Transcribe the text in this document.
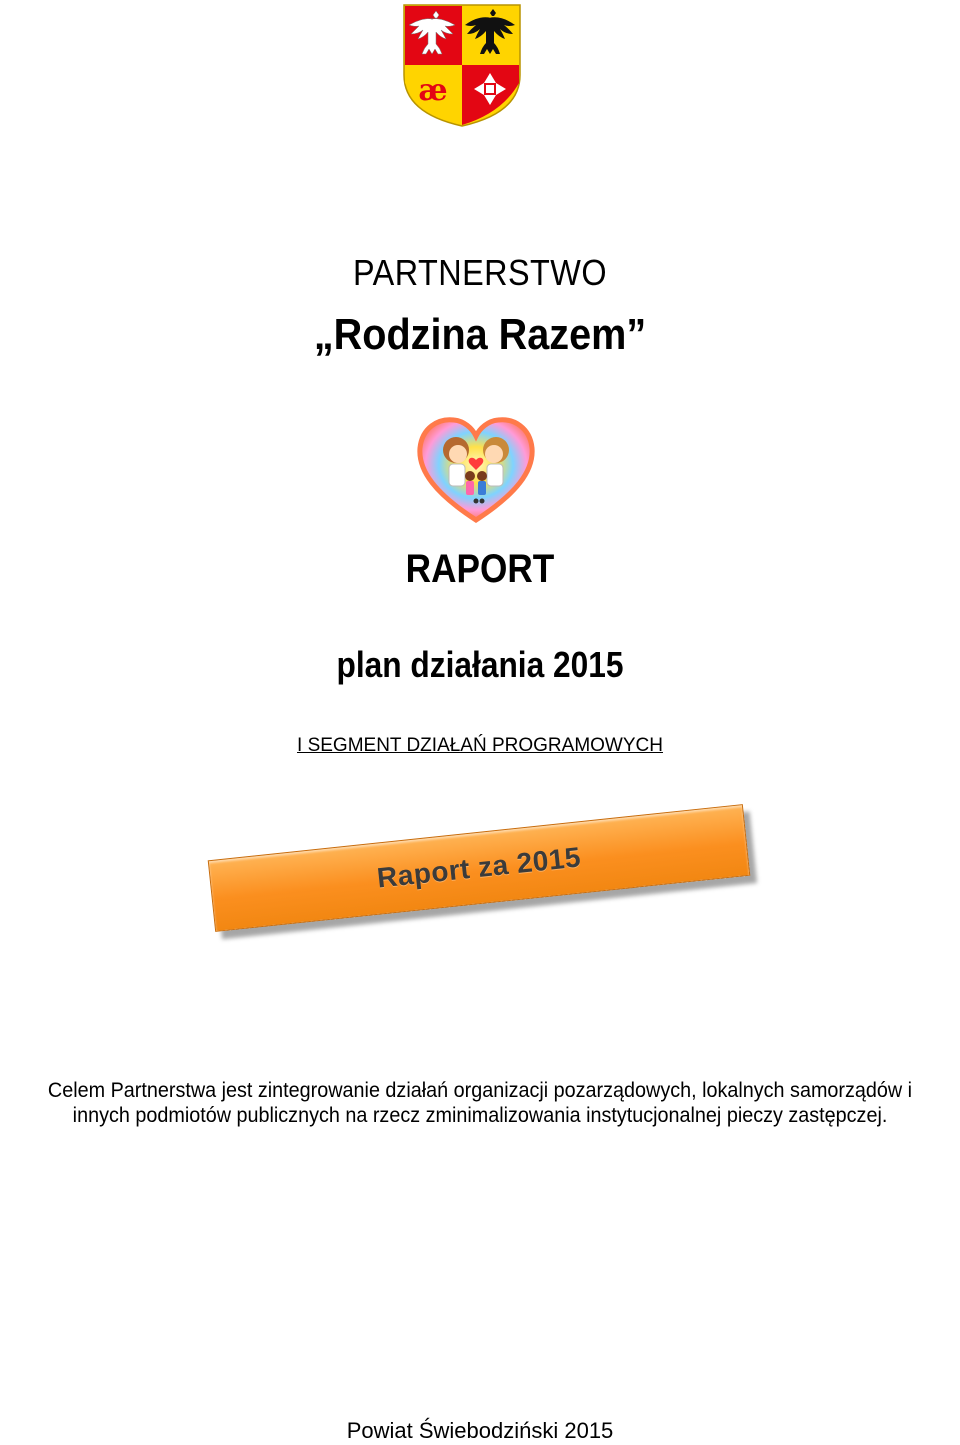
æ
PARTNERSTWO
„Rodzina Razem”
RAPORT
plan działania 2015
I SEGMENT DZIAŁAŃ PROGRAMOWYCH
Raport za 2015
Celem Partnerstwa jest zintegrowanie działań organizacji pozarządowych, lokalnych samorządów i innych podmiotów publicznych na rzecz zminimalizowania instytucjonalnej pieczy zastępczej.
Powiat Świebodziński 2015
